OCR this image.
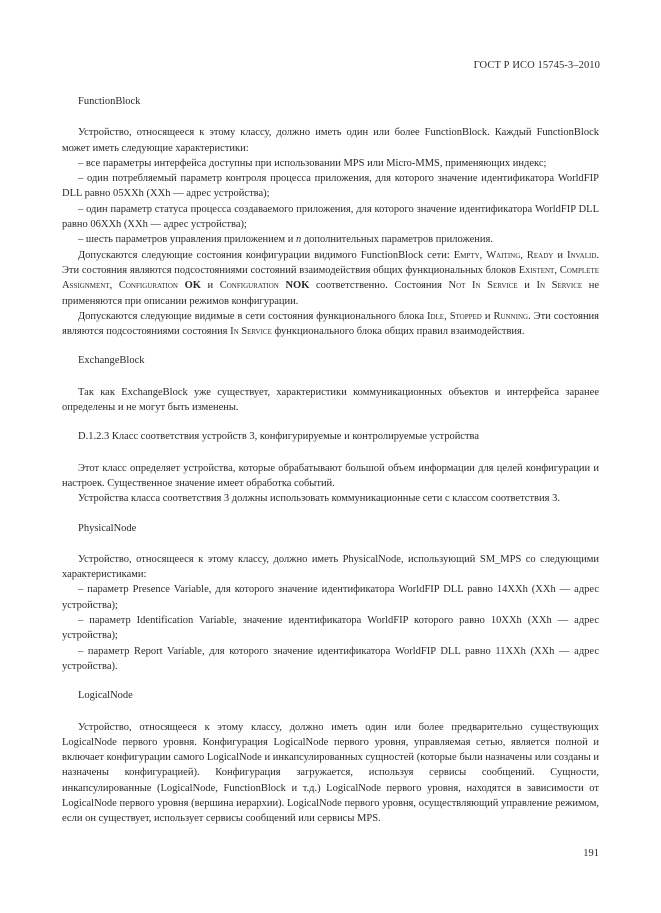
ГОСТ Р ИСО 15745-3–2010

FunctionBlock

Устройство, относящееся к этому классу, должно иметь один или более FunctionBlock. Каждый FunctionBlock может иметь следующие характеристики:

– все параметры интерфейса доступны при использовании MPS или Micro-MMS, применяющих индекс;

– один потребляемый параметр контроля процесса приложения, для которого значение идентификатора WorldFIP DLL равно 05XXh (XXh — адрес устройства);

– один параметр статуса процесса создаваемого приложения, для которого значение идентификатора WorldFIP DLL равно 06XXh (XXh — адрес устройства);

– шесть параметров управления приложением и n дополнительных параметров приложения.

Допускаются следующие состояния конфигурации видимого FunctionBlock сети: Empty, Waiting, Ready и Invalid. Эти состояния являются подсостояниями состояний взаимодействия общих функциональных блоков Existent, Complete Assignment, Configuration OK и Configuration NOK соответственно. Состояния Not In Service и In Service не применяются при описании режимов конфигурации.

Допускаются следующие видимые в сети состояния функционального блока Idle, Stopped и Running. Эти состояния являются подсостояниями состояния In Service функционального блока общих правил взаимодействия.

ExchangeBlock

Так как ExchangeBlock уже существует, характеристики коммуникационных объектов и интерфейса заранее определены и не могут быть изменены.

D.1.2.3 Класс соответствия устройств 3, конфигурируемые и контролируемые устройства

Этот класс определяет устройства, которые обрабатывают большой объем информации для целей конфигурации и настроек. Существенное значение имеет обработка событий.

Устройства класса соответствия 3 должны использовать коммуникационные сети с классом соответствия 3.

PhysicalNode

Устройство, относящееся к этому классу, должно иметь PhysicalNode, использующий SM_MPS со следующими характеристиками:

– параметр Presence Variable, для которого значение идентификатора WorldFIP DLL равно 14XXh (XXh — адрес устройства);

– параметр Identification Variable, значение идентификатора WorldFIP которого равно 10XXh (XXh — адрес устройства);

– параметр Report Variable, для которого значение идентификатора WorldFIP DLL равно 11XXh (XXh — адрес устройства).

LogicalNode

Устройство, относящееся к этому классу, должно иметь один или более предварительно существующих LogicalNode первого уровня. Конфигурация LogicalNode первого уровня, управляемая сетью, является полной и включает конфигурации самого LogicalNode и инкапсулированных сущностей (которые были назначены или созданы и назначены конфигурацией). Конфигурация загружается, используя сервисы сообщений. Сущности, инкапсулированные (LogicalNode, FunctionBlock и т.д.) LogicalNode первого уровня, находятся в зависимости от LogicalNode первого уровня (вершина иерархии). LogicalNode первого уровня, осуществляющий управление режимом, если он существует, использует сервисы сообщений или сервисы MPS.

191
